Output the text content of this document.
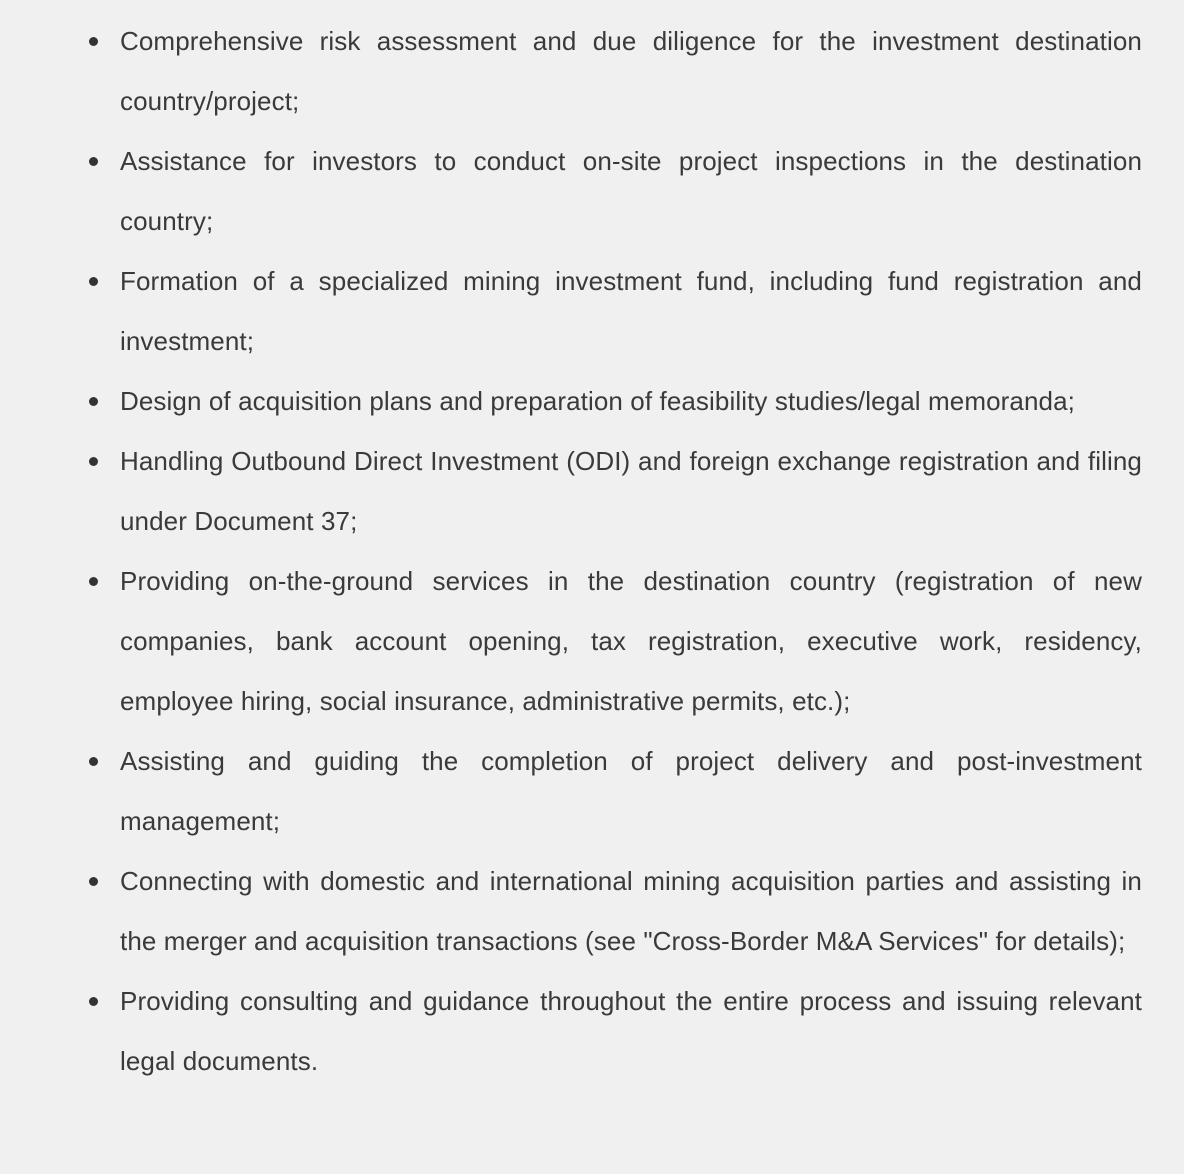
Comprehensive risk assessment and due diligence for the investment destination country/project;
Assistance for investors to conduct on-site project inspections in the destination country;
Formation of a specialized mining investment fund, including fund registration and investment;
Design of acquisition plans and preparation of feasibility studies/legal memoranda;
Handling Outbound Direct Investment (ODI) and foreign exchange registration and filing under Document 37;
Providing on-the-ground services in the destination country (registration of new companies, bank account opening, tax registration, executive work, residency, employee hiring, social insurance, administrative permits, etc.);
Assisting and guiding the completion of project delivery and post-investment management;
Connecting with domestic and international mining acquisition parties and assisting in the merger and acquisition transactions (see "Cross-Border M&A Services" for details);
Providing consulting and guidance throughout the entire process and issuing relevant legal documents.
